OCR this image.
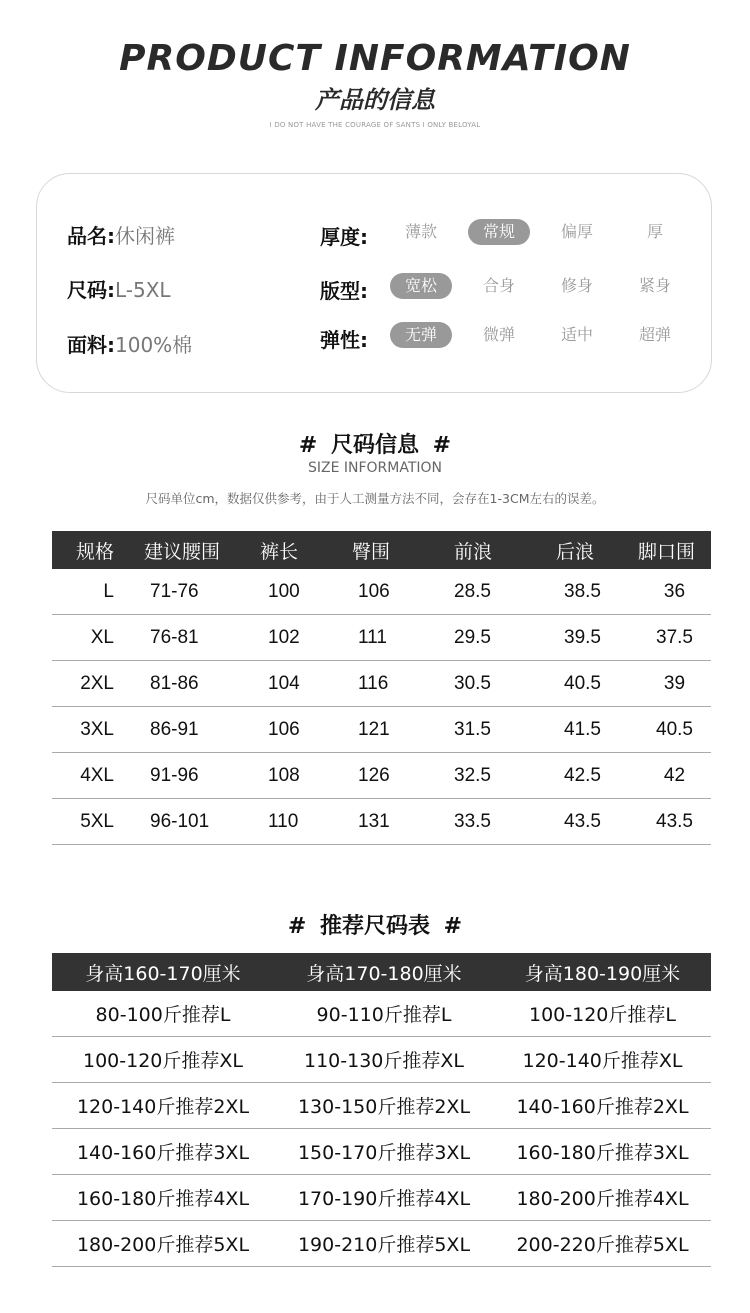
PRODUCT INFORMATION
产品的信息
I DO NOT HAVE THE COURAGE OF SANTS I ONLY BELOYAL
品名:休闲裤
尺码:L-5XL
面料:100%棉
厚度:	薄款	常规	偏厚	厚
版型:	宽松	合身	修身	紧身
弹性:	无弹	微弹	适中	超弹
# 尺码信息 #
SIZE INFORMATION
尺码单位cm，数据仅供参考，由于人工测量方法不同，会存在1-3CM左右的误差。
规格	建议腰围	裤长	臀围	前浪	后浪	脚口围
L	71-76	100	106	28.5	38.5	36
XL	76-81	102	111	29.5	39.5	37.5
2XL	81-86	104	116	30.5	40.5	39
3XL	86-91	106	121	31.5	41.5	40.5
4XL	91-96	108	126	32.5	42.5	42
5XL	96-101	110	131	33.5	43.5	43.5
# 推荐尺码表 #
身高160-170厘米	身高170-180厘米	身高180-190厘米
80-100斤推荐L	90-110斤推荐L	100-120斤推荐L
100-120斤推荐XL	110-130斤推荐XL	120-140斤推荐XL
120-140斤推荐2XL	130-150斤推荐2XL	140-160斤推荐2XL
140-160斤推荐3XL	150-170斤推荐3XL	160-180斤推荐3XL
160-180斤推荐4XL	170-190斤推荐4XL	180-200斤推荐4XL
180-200斤推荐5XL	190-210斤推荐5XL	200-220斤推荐5XL
